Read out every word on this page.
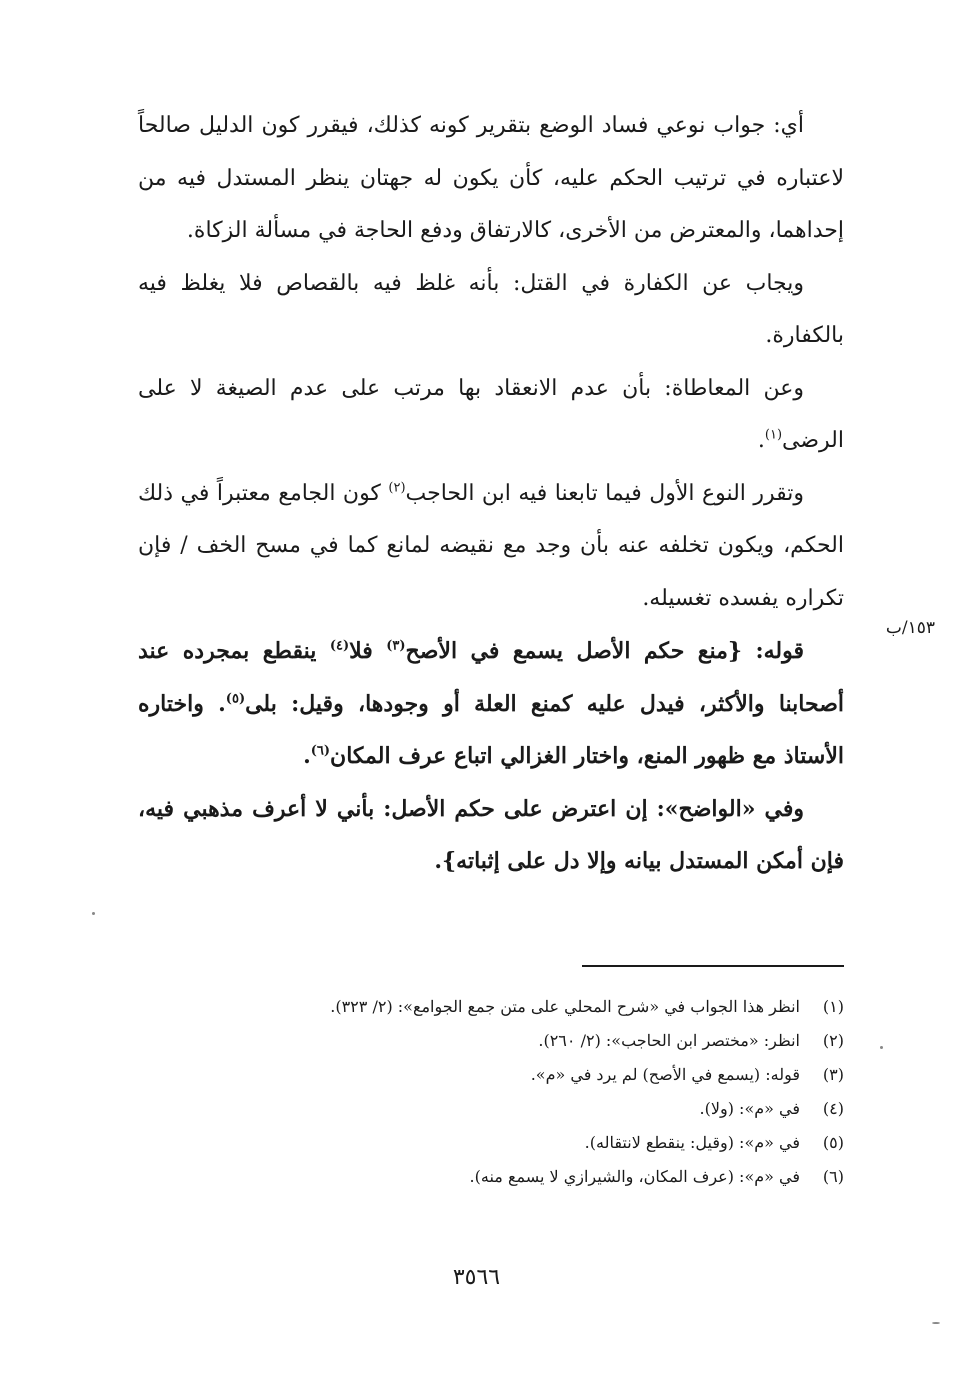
أي: جواب نوعي فساد الوضع بتقرير كونه كذلك، فيقرر كون الدليل صالحاً لاعتباره في ترتيب الحكم عليه، كأن يكون له جهتان ينظر المستدل فيه من إحداهما، والمعترض من الأخرى، كالارتفاق ودفع الحاجة في مسألة الزكاة.

ويجاب عن الكفارة في القتل: بأنه غلظ فيه بالقصاص فلا يغلظ فيه بالكفارة.

وعن المعاطاة: بأن عدم الانعقاد بها مرتب على عدم الصيغة لا على الرضى$^{(١)}$.

وتقرر النوع الأول فيما تابعنا فيه ابن الحاجب$^{(٢)}$ كون الجامع معتبراً في ذلك الحكم، ويكون تخلفه عنه بأن وجد مع نقيضه لمانع كما في مسح الخف / فإن تكراره يفسده تغسيله.

قوله: {منع حكم الأصل يسمع في الأصح$^{(٣)}$ فلا$^{(٤)}$ ينقطع بمجرده عند أصحابنا والأكثر، فيدل عليه كمنع العلة أو وجودها، وقيل: بلى$^{(٥)}$. واختاره الأستاذ مع ظهور المنع، واختار الغزالي اتباع عرف المكان$^{(٦)}$.

وفي «الواضح»: إن اعترض على حكم الأصل: بأني لا أعرف مذهبي فيه، فإن أمكن المستدل بيانه وإلا دل على إثباته}.

١٥٣/ب
(١)
انظر هذا الجواب في «شرح المحلي على متن جمع الجوامع»: (٢/ ٣٢٣).
(٢)
انظر: «مختصر ابن الحاجب»: (٢/ ٢٦٠).
(٣)
قوله: (يسمع في الأصح) لم يرد في «م».
(٤)
في «م»: (ولا).
(٥)
في «م»: (وقيل: ينقطع لانتقاله).
(٦)
في «م»: (عرف المكان، والشيرازي لا يسمع منه).
٣٥٦٦
